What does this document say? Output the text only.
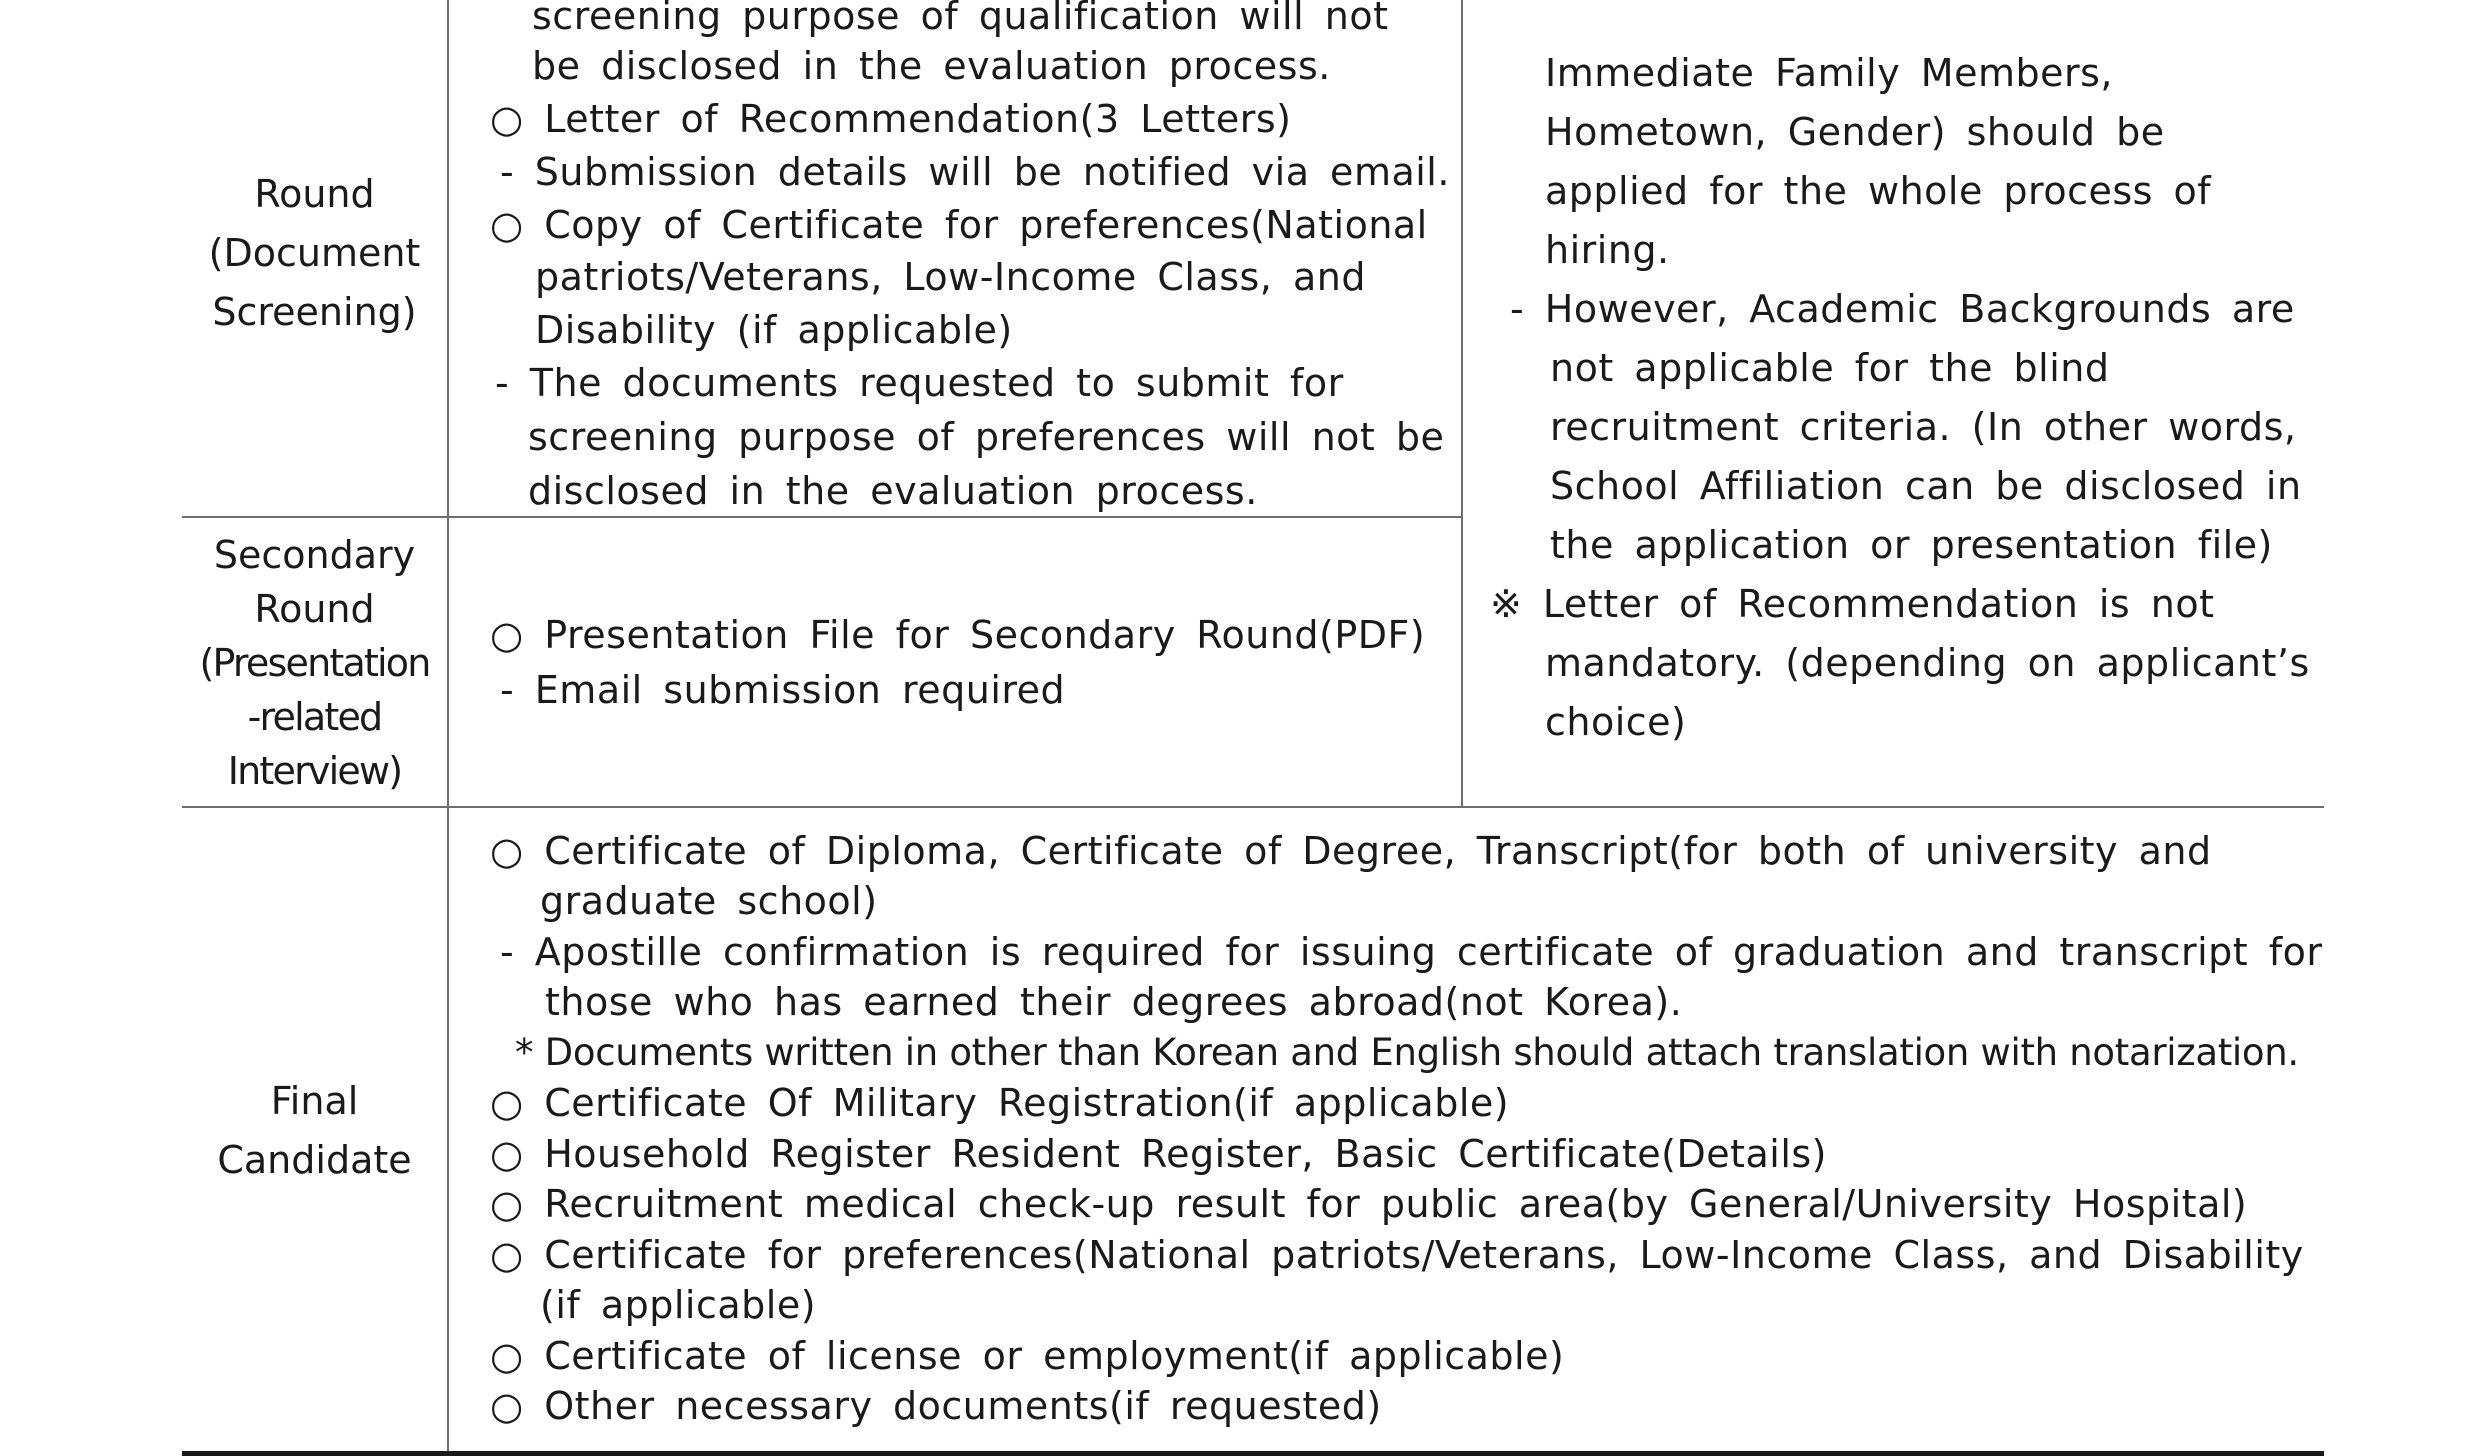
Round
(Document
Screening)
screening purpose of qualification will not
be disclosed in the evaluation process.
○ Letter of Recommendation(3 Letters)
- Submission details will be notified via email.
○ Copy of Certificate for preferences(National
patriots/Veterans, Low-Income Class, and
Disability (if applicable)
- The documents requested to submit for
screening purpose of preferences will not be
disclosed in the evaluation process.
Secondary
Round
(Presentation
-related
Interview)
○ Presentation File for Secondary Round(PDF)
- Email submission required
Immediate Family Members,
Hometown, Gender) should be
applied for the whole process of
hiring.
- However, Academic Backgrounds are
not applicable for the blind
recruitment criteria. (In other words,
School Affiliation can be disclosed in
the application or presentation file)
※ Letter of Recommendation is not
mandatory. (depending on applicant’s
choice)
Final
Candidate
○ Certificate of Diploma, Certificate of Degree, Transcript(for both of university and
graduate school)
- Apostille confirmation is required for issuing certificate of graduation and transcript for
those who has earned their degrees abroad(not Korea).
* Documents written in other than Korean and English should attach translation with notarization.
○ Certificate Of Military Registration(if applicable)
○ Household Register Resident Register, Basic Certificate(Details)
○ Recruitment medical check-up result for public area(by General/University Hospital)
○ Certificate for preferences(National patriots/Veterans, Low-Income Class, and Disability
(if applicable)
○ Certificate of license or employment(if applicable)
○ Other necessary documents(if requested)
